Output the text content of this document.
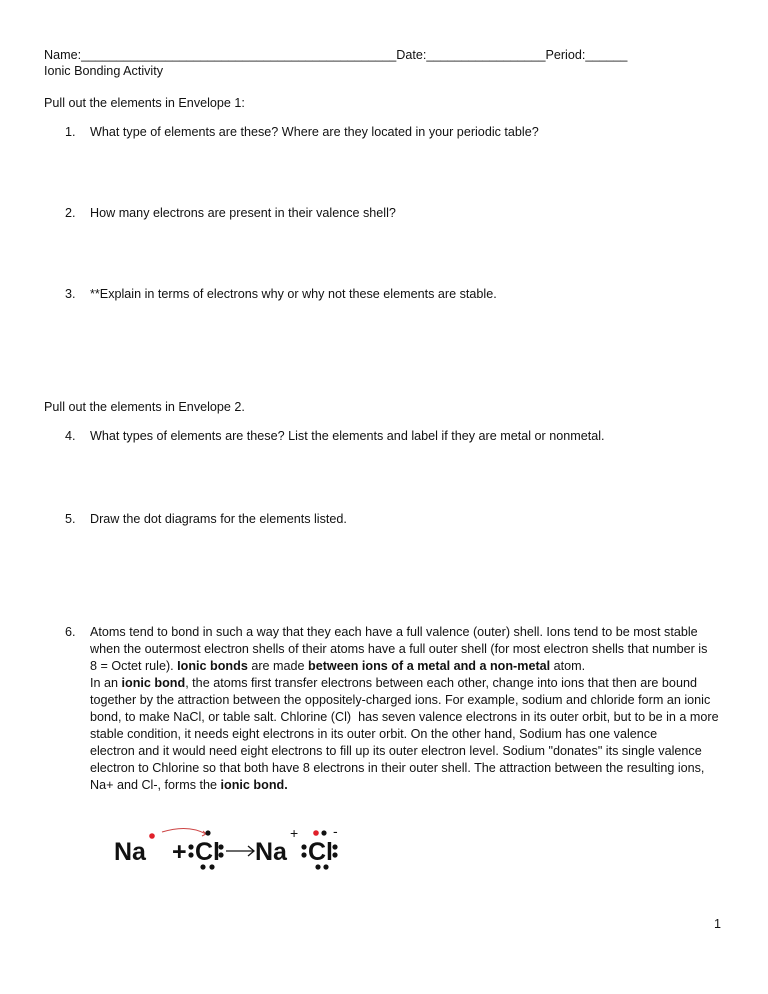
Name:_____________________________________________Date:_________________Period:______
Ionic Bonding Activity
Pull out the elements in Envelope 1:
1. What type of elements are these? Where are they located in your periodic table?
2. How many electrons are present in their valence shell?
3. **Explain in terms of electrons why or why not these elements are stable.
Pull out the elements in Envelope 2.
4. What types of elements are these? List the elements and label if they are metal or nonmetal.
5. Draw the dot diagrams for the elements listed.
6. Atoms tend to bond in such a way that they each have a full valence (outer) shell. Ions tend to be most stable
when the outermost electron shells of their atoms have a full outer shell (for most electron shells that number is
8 = Octet rule). Ionic bonds are made between ions of a metal and a non-metal atom.
In an ionic bond, the atoms first transfer electrons between each other, change into ions that then are bound
together by the attraction between the oppositely-charged ions. For example, sodium and chloride form an ionic
bond, to make NaCl, or table salt. Chlorine (Cl)  has seven valence electrons in its outer orbit, but to be in a more
stable condition, it needs eight electrons in its outer orbit. On the other hand, Sodium has one valence
electron and it would need eight electrons to fill up its outer electron level. Sodium "donates" its single valence
electron to Chlorine so that both have 8 electrons in their outer shell. The attraction between the resulting ions,
Na+ and Cl-, forms the ionic bond.
Na + Cl Na
+
Cl
-
1
